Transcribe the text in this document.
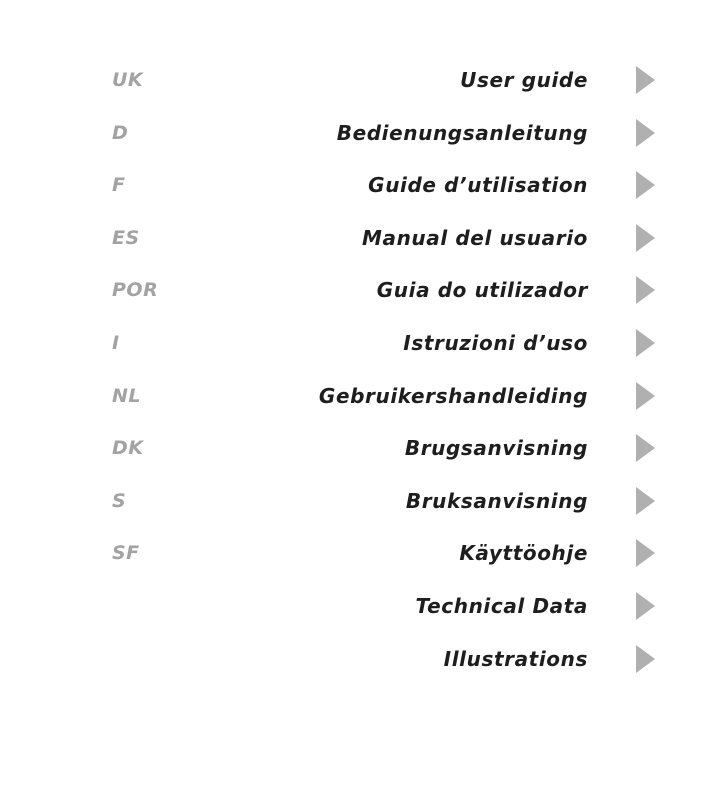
UK	User guide
D	Bedienungsanleitung
F	Guide d’utilisation
ES	Manual del usuario
POR	Guia do utilizador
I	Istruzioni d’uso
NL	Gebruikershandleiding
DK	Brugsanvisning
S	Bruksanvisning
SF	Käyttöohje
Technical Data
Illustrations
